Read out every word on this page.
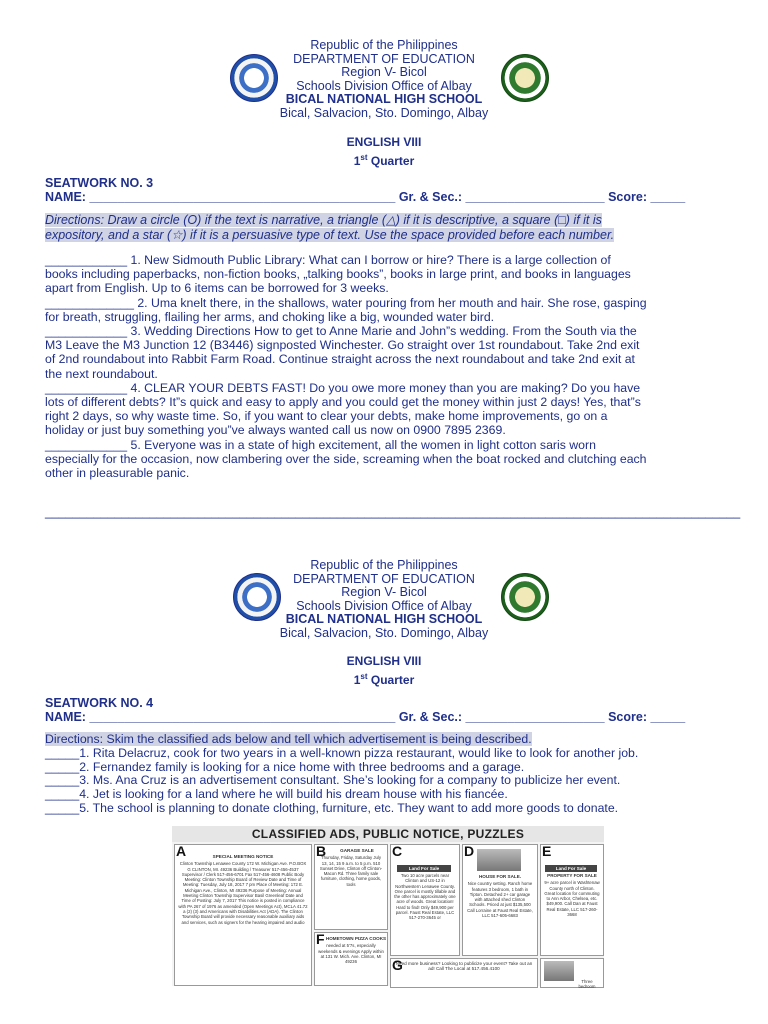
Republic of the Philippines
DEPARTMENT OF EDUCATION
Region V- Bicol
Schools Division Office of Albay
BICAL NATIONAL HIGH SCHOOL
Bical, Salvacion, Sto. Domingo, Albay
ENGLISH VIII
1st Quarter
SEATWORK NO. 3
NAME: ____________________________________________ Gr. & Sec.: ____________________ Score: _____
Directions: Draw a circle (O) if the text is narrative, a triangle (△) if it is descriptive, a square (□) if it is
expository, and a star (☆) if it is a persuasive type of text. Use the space provided before each number.
____________ 1. New Sidmouth Public Library: What can I borrow or hire? There is a large collection of
books including paperbacks, non-fiction books, „talking books”, books in large print, and books in languages
apart from English. Up to 6 items can be borrowed for 3 weeks.
_____________ 2. Uma knelt there, in the shallows, water pouring from her mouth and hair. She rose, gasping
for breath, struggling, flailing her arms, and choking like a big, wounded water bird.
____________ 3. Wedding Directions How to get to Anne Marie and John”s wedding. From the South via the
M3 Leave the M3 Junction 12 (B3446) signposted Winchester. Go straight over 1st roundabout. Take 2nd exit
of 2nd roundabout into Rabbit Farm Road. Continue straight across the next roundabout and take 2nd exit at
the next roundabout.
____________ 4. CLEAR YOUR DEBTS FAST! Do you owe more money than you are making? Do you have
lots of different debts? It”s quick and easy to apply and you could get the money within just 2 days! Yes, that”s
right 2 days, so why waste time. So, if you want to clear your debts, make home improvements, go on a
holiday or just buy something you”ve always wanted call us now on 0900 7895 2369.
____________ 5. Everyone was in a state of high excitement, all the women in light cotton saris worn
especially for the occasion, now clambering over the side, screaming when the boat rocked and clutching each
other in pleasurable panic.
____________________________________________________________________________________________________
Republic of the Philippines
DEPARTMENT OF EDUCATION
Region V- Bicol
Schools Division Office of Albay
BICAL NATIONAL HIGH SCHOOL
Bical, Salvacion, Sto. Domingo, Albay
ENGLISH VIII
1st Quarter
SEATWORK NO. 4
NAME: ____________________________________________ Gr. & Sec.: ____________________ Score: _____
Directions: Skim the classified ads below and tell which advertisement is being described.
_____1. Rita Delacruz, cook for two years in a well-known pizza restaurant, would like to look for another job.
_____2. Fernandez family is looking for a nice home with three bedrooms and a garage.
_____3. Ms. Ana Cruz is an advertisement consultant. She’s looking for a company to publicize her event.
_____4. Jet is looking for a land where he will build his dream house with his fiancée.
_____5. The school is planning to donate clothing, furniture, etc. They want to add more goods to donate.
CLASSIFIED ADS, PUBLIC NOTICE, PUZZLES
A	SPECIAL MEETING NOTICE
Clinton Township Lenawee County 172 W. Michigan Ave. P.O.BOX G CLINTON, MI. 49236 Building / Treasurer 517-456-4537 Supervisor / Clerk 517-456-6701 Fax 517-456-4608 Public Body Meeting: Clinton Township Board of Review Date and Time of Meeting: Tuesday, July 18, 2017 7 pm Place of Meeting: 172 E. Michigan Ave., Clinton, MI 49236 Purpose of Meeting: Annual Meeting Clinton Township Supervisor Basil Greenleaf Date and Time of Posting: July 7, 2017 This notice is posted in compliance with PA 267 of 1976 as amended (Open Meetings Act), MCLA 41.72 a (2) (3) and Americans with Disabilities Act (ADA). The Clinton Township Board will provide necessary reasonable auxiliary aids and services, such as signers for the hearing impaired and audio
B	GARAGE SALE
Thursday, Friday, Saturday July 13, 14, 15 9 a.m. to 5 p.m. 510 Sunset Drive, Clinton off Clinton-Macon Rd. Three family sale furniture, clothing, home goods, tools
C
Land For Sale
Two 10 acre parcels near Clinton and US-12 in Northwestern Lenawee County. One parcel is mostly tillable and the other has approximately one acre of woods. Great location! Hard to find! Only $49,900 per parcel. Faust Real Estate, LLC 517-270-3645 or
D
HOUSE FOR SALE.
Nice country setting. Ranch home features 3 bedroom, 1 bath in Tipton. Detached 2+ car garage with attached shed Clinton Schools. Priced at just $135,500 Call Lorraine at Faust Real Estate, LLC 517-605-6683
E
Land For Sale
PROPERTY FOR SALE
9+ acre parcel in Washtenaw County north of Clinton. Great location for commuting to Ann Arbor, Chelsea, etc. $49,900. Call Dan at Faust Real Estate, LLC 517-260-3668
F HOMETOWN PIZZA COOKS
needed at 5’7s, especially weekends & evenings Apply within at 131 W. Mich. Ave. Clinton, MI 49236	G
Need more business? Looking to publicize your event? Take out an ad! Call The Local at 517.456.4100
Three bedroom
